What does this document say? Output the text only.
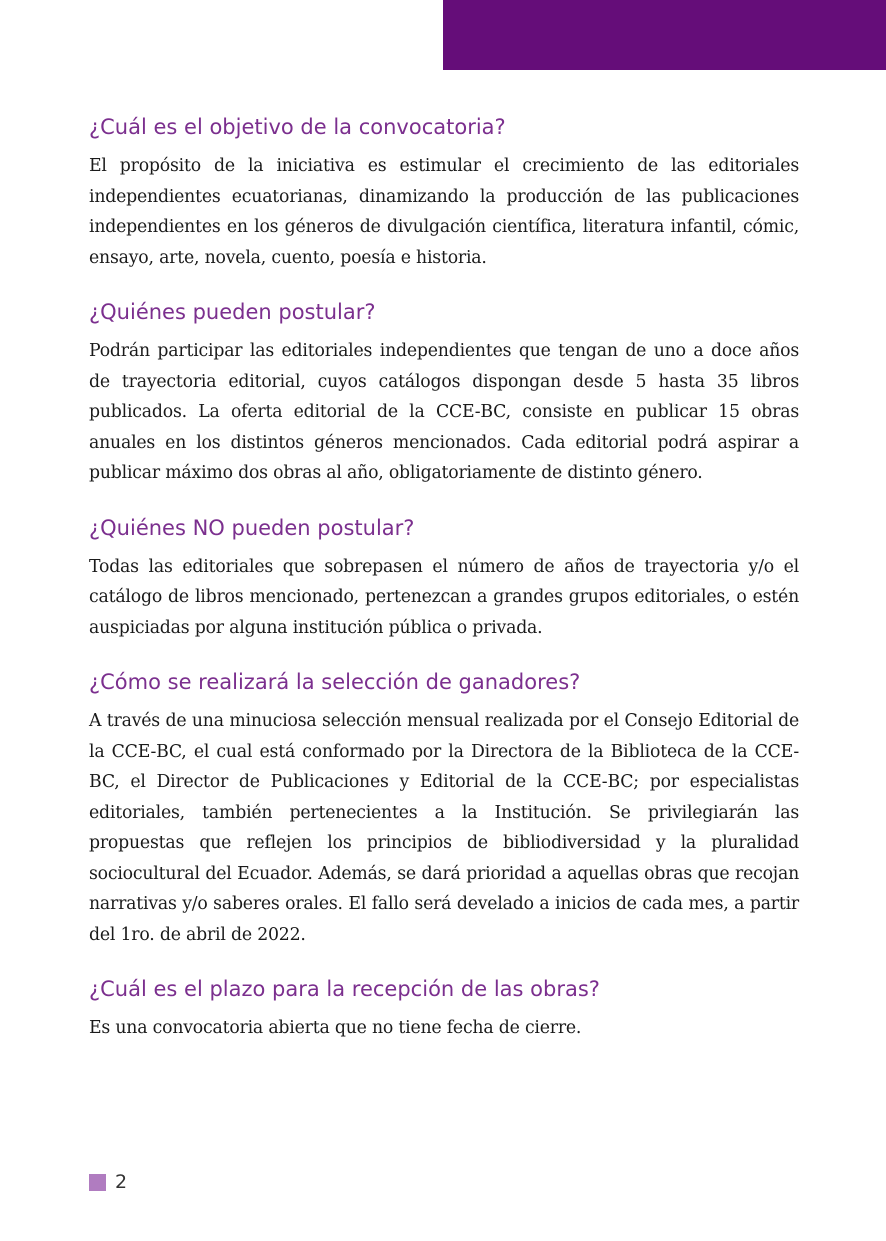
¿Cuál es el objetivo de la convocatoria?

El propósito de la iniciativa es estimular el crecimiento de las editoriales independientes ecuatorianas, dinamizando la producción de las publicaciones independientes en los géneros de divulgación científica, literatura infantil, cómic, ensayo, arte, novela, cuento, poesía e historia.

¿Quiénes pueden postular?

Podrán participar las editoriales independientes que tengan de uno a doce años de trayectoria editorial, cuyos catálogos dispongan desde 5 hasta 35 libros publicados. La oferta editorial de la CCE-BC, consiste en publicar 15 obras anuales en los distintos géneros mencionados. Cada editorial podrá aspirar a publicar máximo dos obras al año, obligatoriamente de distinto género.

¿Quiénes NO pueden postular?

Todas las editoriales que sobrepasen el número de años de trayectoria y/o el catálogo de libros mencionado, pertenezcan a grandes grupos editoriales, o estén auspiciadas por alguna institución pública o privada.

¿Cómo se realizará la selección de ganadores?

A través de una minuciosa selección mensual realizada por el Consejo Editorial de la CCE-BC, el cual está conformado por la Directora de la Biblioteca de la CCE-BC, el Director de Publicaciones y Editorial de la CCE-BC; por especialistas editoriales, también pertenecientes a la Institución. Se privilegiarán las propuestas que reflejen los principios de bibliodiversidad y la pluralidad sociocultural del Ecuador. Además, se dará prioridad a aquellas obras que recojan narrativas y/o saberes orales. El fallo será develado a inicios de cada mes, a partir del 1ro. de abril de 2022.

¿Cuál es el plazo para la recepción de las obras?

Es una convocatoria abierta que no tiene fecha de cierre.

2
